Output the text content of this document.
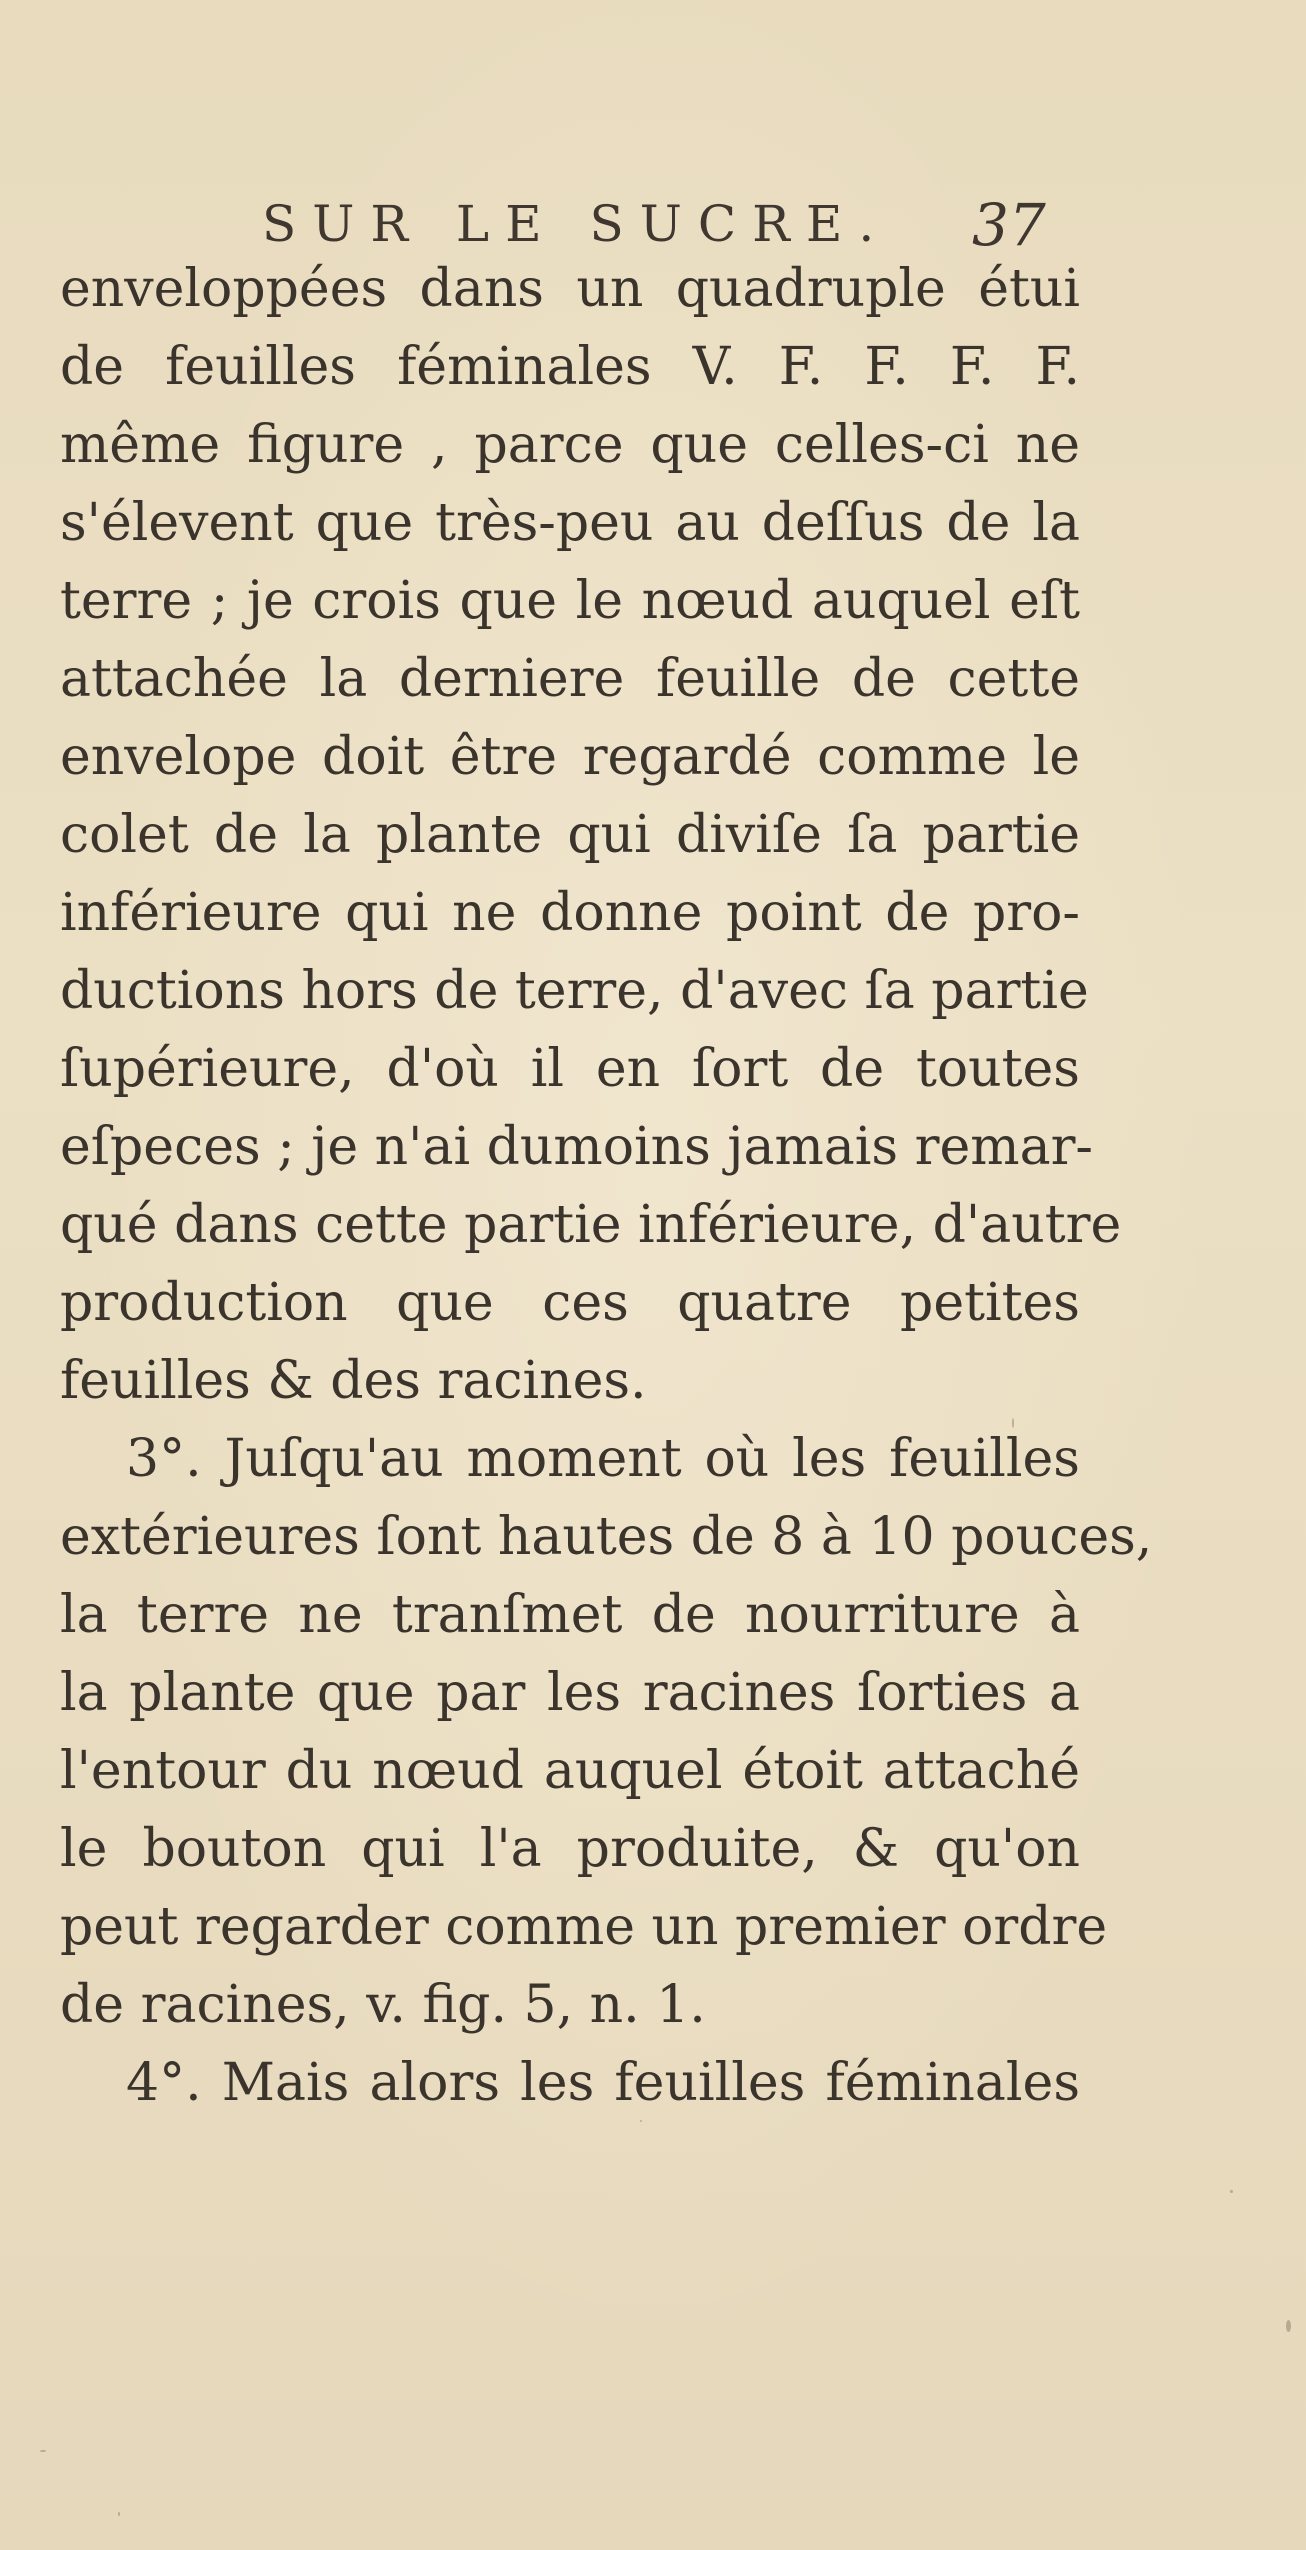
SUR LE SUCRE. 37
enveloppées dans un quadruple étui
de feuilles féminales V. F. F. F. F.
même figure , parce que celles-ci ne
s'élevent que très-peu au deſſus de la
terre ; je crois que le nœud auquel eſt
attachée la derniere feuille de cette
envelope doit être regardé comme le
colet de la plante qui diviſe ſa partie
inférieure qui ne donne point de pro-
ductions hors de terre, d'avec ſa partie
ſupérieure, d'où il en ſort de toutes
eſpeces ; je n'ai dumoins jamais remar-
qué dans cette partie inférieure, d'autre
production que ces quatre petites
feuilles & des racines.
3°. Juſqu'au moment où les feuilles
extérieures ſont hautes de 8 à 10 pouces,
la terre ne tranſmet de nourriture à
la plante que par les racines ſorties a
l'entour du nœud auquel étoit attaché
le bouton qui l'a produite, & qu'on
peut regarder comme un premier ordre
de racines, v. fig. 5, n. 1.
4°. Mais alors les feuilles féminales
